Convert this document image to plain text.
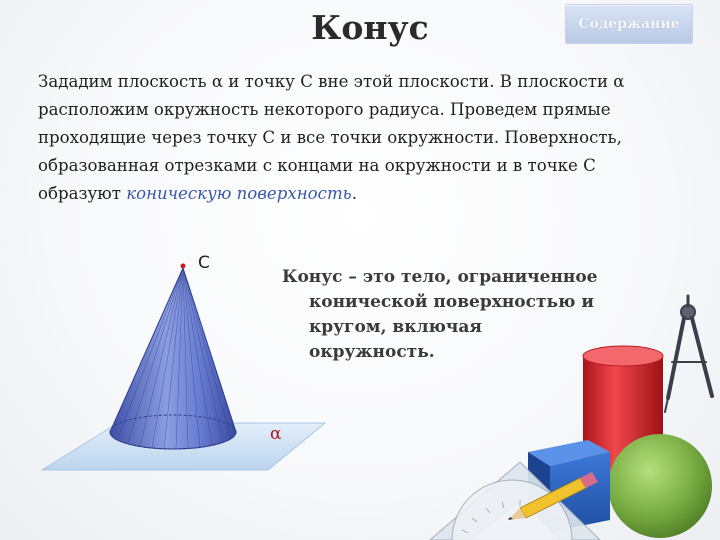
Конус	Содержание

Зададим плоскость α и точку С вне этой плоскости. В плоскости α расположим окружность некоторого радиуса. Проведем прямые проходящие через точку С и все точки окружности. Поверхность, образованная отрезками с концами на окружности и в точке С образуют коническую поверхность.

С
α

Конус – это тело, ограниченное
конической поверхностью и
кругом, включая
окружность.
